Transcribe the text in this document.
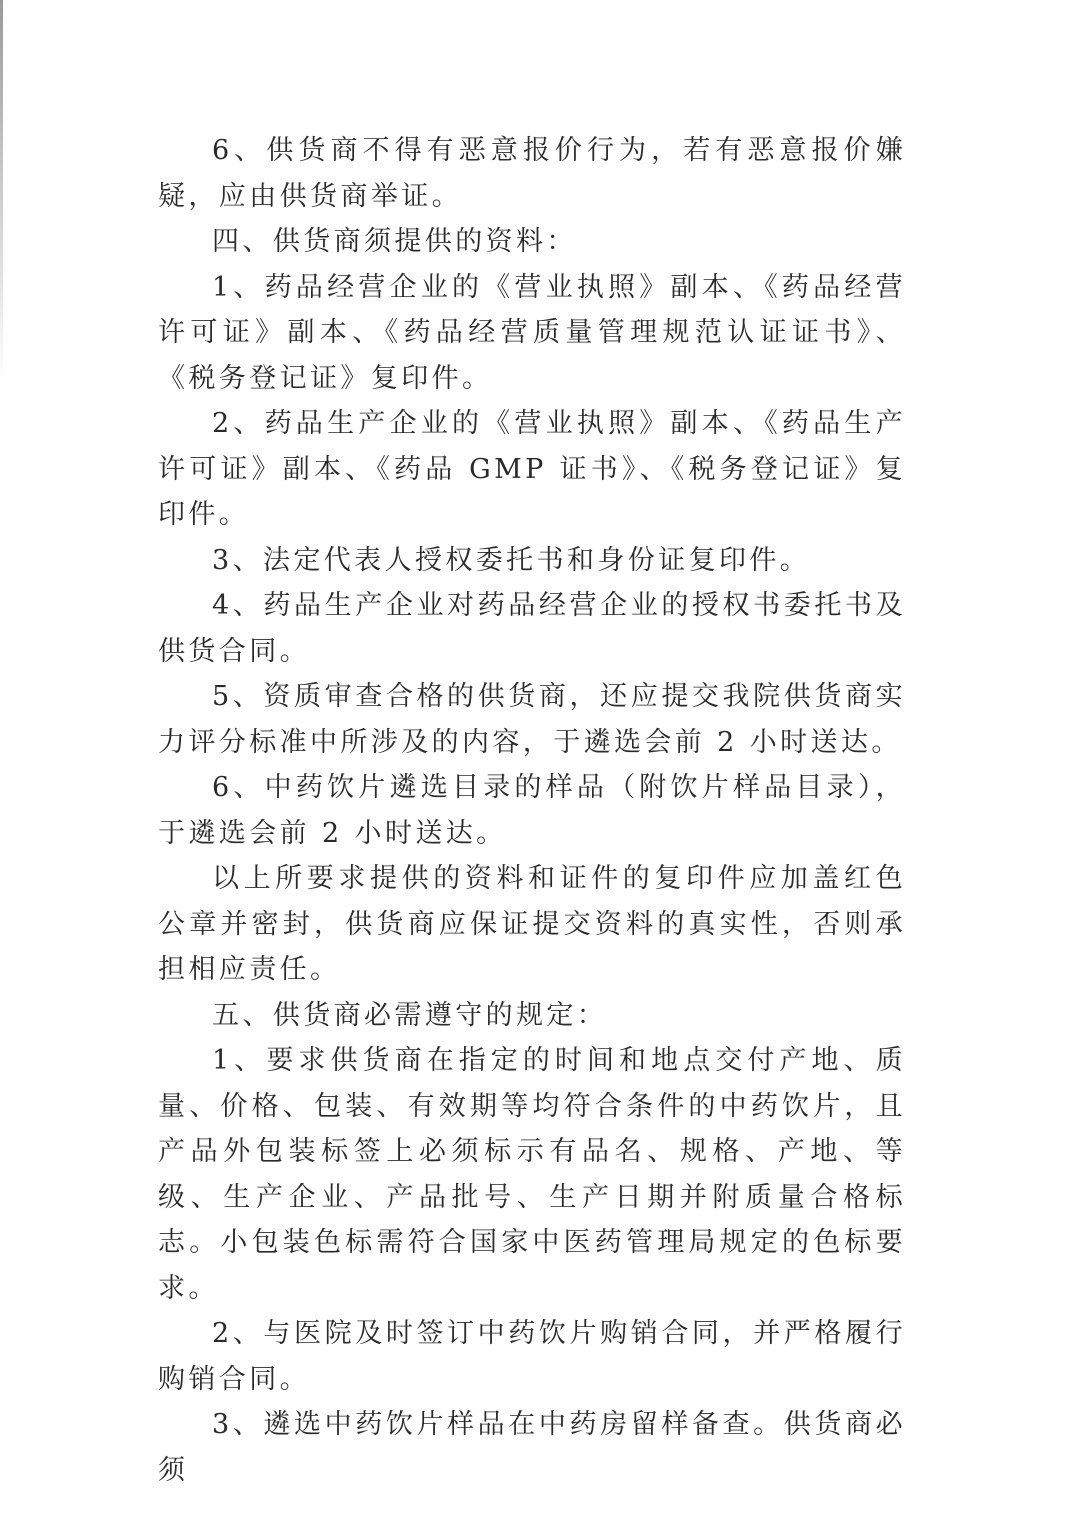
6、供货商不得有恶意报价行为，若有恶意报价嫌疑，应由供货商举证。

四、供货商须提供的资料：

1、药品经营企业的《营业执照》副本、《药品经营许可证》副本、《药品经营质量管理规范认证证书》、《税务登记证》复印件。

2、药品生产企业的《营业执照》副本、《药品生产许可证》副本、《药品 GMP 证书》、《税务登记证》复印件。

3、法定代表人授权委托书和身份证复印件。

4、药品生产企业对药品经营企业的授权书委托书及供货合同。

5、资质审查合格的供货商，还应提交我院供货商实力评分标准中所涉及的内容，于遴选会前 2 小时送达。

6、中药饮片遴选目录的样品（附饮片样品目录），于遴选会前 2 小时送达。

以上所要求提供的资料和证件的复印件应加盖红色公章并密封，供货商应保证提交资料的真实性，否则承担相应责任。

五、供货商必需遵守的规定：

1、要求供货商在指定的时间和地点交付产地、质量、价格、包装、有效期等均符合条件的中药饮片，且产品外包装标签上必须标示有品名、规格、产地、等级、生产企业、产品批号、生产日期并附质量合格标志。小包装色标需符合国家中医药管理局规定的色标要求。

2、与医院及时签订中药饮片购销合同，并严格履行购销合同。

3、遴选中药饮片样品在中药房留样备查。供货商必须
